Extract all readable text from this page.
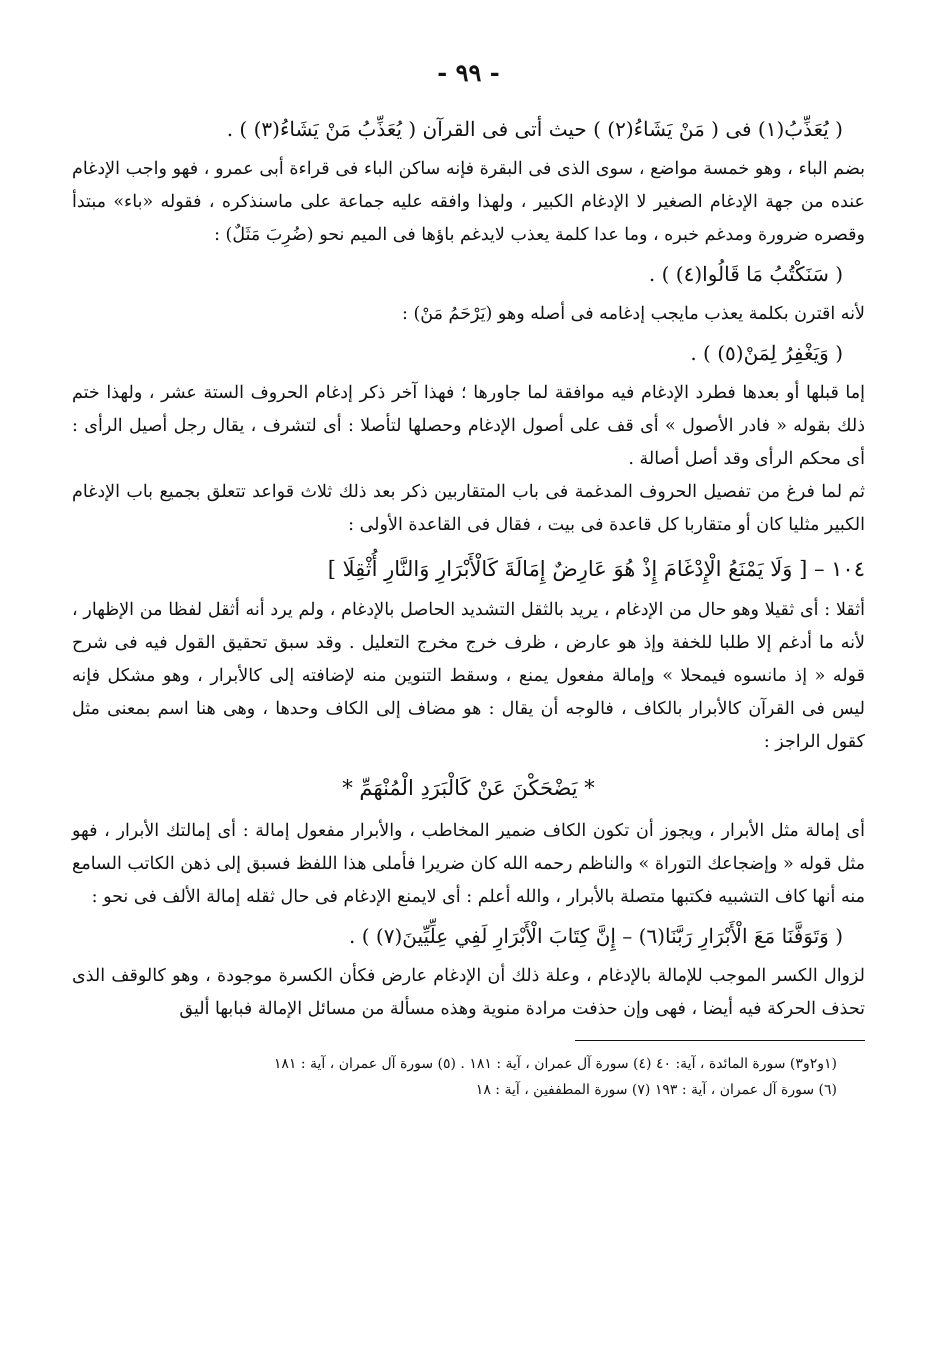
- ٩٩ -

( يُعَذِّبُ(١) فى ( مَنْ يَشَاءُ(٢) ) حيث أتى فى القرآن ( يُعَذِّبُ مَنْ يَشَاءُ(٣) ) .

بضم الباء ، وهو خمسة مواضع ، سوى الذى فى البقرة فإنه ساكن الباء فى قراءة أبى عمرو ، فهو واجب الإدغام عنده من جهة الإدغام الصغير لا الإدغام الكبير ، ولهذا وافقه عليه جماعة على ماسنذكره ، فقوله «باء» مبتدأ وقصره ضرورة ومدغم خبره ، وما عدا كلمة يعذب لايدغم باؤها فى الميم نحو (ضُرِبَ مَثَلٌ) :

( سَنَكْتُبُ مَا قَالُوا(٤) ) .

لأنه اقترن بكلمة يعذب مايجب إدغامه فى أصله وهو (يَرْحَمُ مَنْ) :

( وَيَغْفِرُ لِمَنْ(٥) ) .

إما قبلها أو بعدها فطرد الإدغام فيه موافقة لما جاورها ؛ فهذا آخر ذكر إدغام الحروف الستة عشر ، ولهذا ختم ذلك بقوله « فادر الأصول » أى قف على أصول الإدغام وحصلها لتأصلا : أى لتشرف ، يقال رجل أصيل الرأى : أى محكم الرأى وقد أصل أصالة .

ثم لما فرغ من تفصيل الحروف المدغمة فى باب المتقاربين ذكر بعد ذلك ثلاث قواعد تتعلق بجميع باب الإدغام الكبير مثليا كان أو متقاربا كل قاعدة فى بيت ، فقال فى القاعدة الأولى :

١٠٤ – [ وَلَا يَمْنَعُ الْإِدْغَامَ إِذْ هُوَ عَارِضٌ إِمَالَةَ كَالْأَبْرَارِ وَالنَّارِ أُثْقِلَا ]

أثقلا : أى ثقيلا وهو حال من الإدغام ، يريد بالثقل التشديد الحاصل بالإدغام ، ولم يرد أنه أثقل لفظا من الإظهار ، لأنه ما أدغم إلا طلبا للخفة وإذ هو عارض ، ظرف خرج مخرج التعليل . وقد سبق تحقيق القول فيه فى شرح قوله « إذ مانسوه فيمحلا » وإمالة مفعول يمنع ، وسقط التنوين منه لإضافته إلى كالأبرار ، وهو مشكل فإنه ليس فى القرآن كالأبرار بالكاف ، فالوجه أن يقال : هو مضاف إلى الكاف وحدها ، وهى هنا اسم بمعنى مثل كقول الراجز :

* يَضْحَكْنَ عَنْ كَالْبَرَدِ الْمُنْهَمِّ *

أى إمالة مثل الأبرار ، ويجوز أن تكون الكاف ضمير المخاطب ، والأبرار مفعول إمالة : أى إمالتك الأبرار ، فهو مثل قوله « وإضجاعك التوراة » والناظم رحمه الله كان ضريرا فأملى هذا اللفظ فسبق إلى ذهن الكاتب السامع منه أنها كاف التشبيه فكتبها متصلة بالأبرار ، والله أعلم : أى لايمنع الإدغام فى حال ثقله إمالة الألف فى نحو :

( وَتَوَفَّنَا مَعَ الْأَبْرَارِ رَبَّنَا(٦) – إِنَّ كِتَابَ الْأَبْرَارِ لَفِي عِلِّيِّينَ(٧) ) .

لزوال الكسر الموجب للإمالة بالإدغام ، وعلة ذلك أن الإدغام عارض فكأن الكسرة موجودة ، وهو كالوقف الذى تحذف الحركة فيه أيضا ، فهى وإن حذفت مرادة منوية وهذه مسألة من مسائل الإمالة فبابها أليق

(١و٢و٣) سورة المائدة ، آية: ٤٠ (٤) سورة آل عمران ، آية : ١٨١ . (٥) سورة آل عمران ، آية : ١٨١
(٦) سورة آل عمران ، آية : ١٩٣ (٧) سورة المطففين ، آية : ١٨
